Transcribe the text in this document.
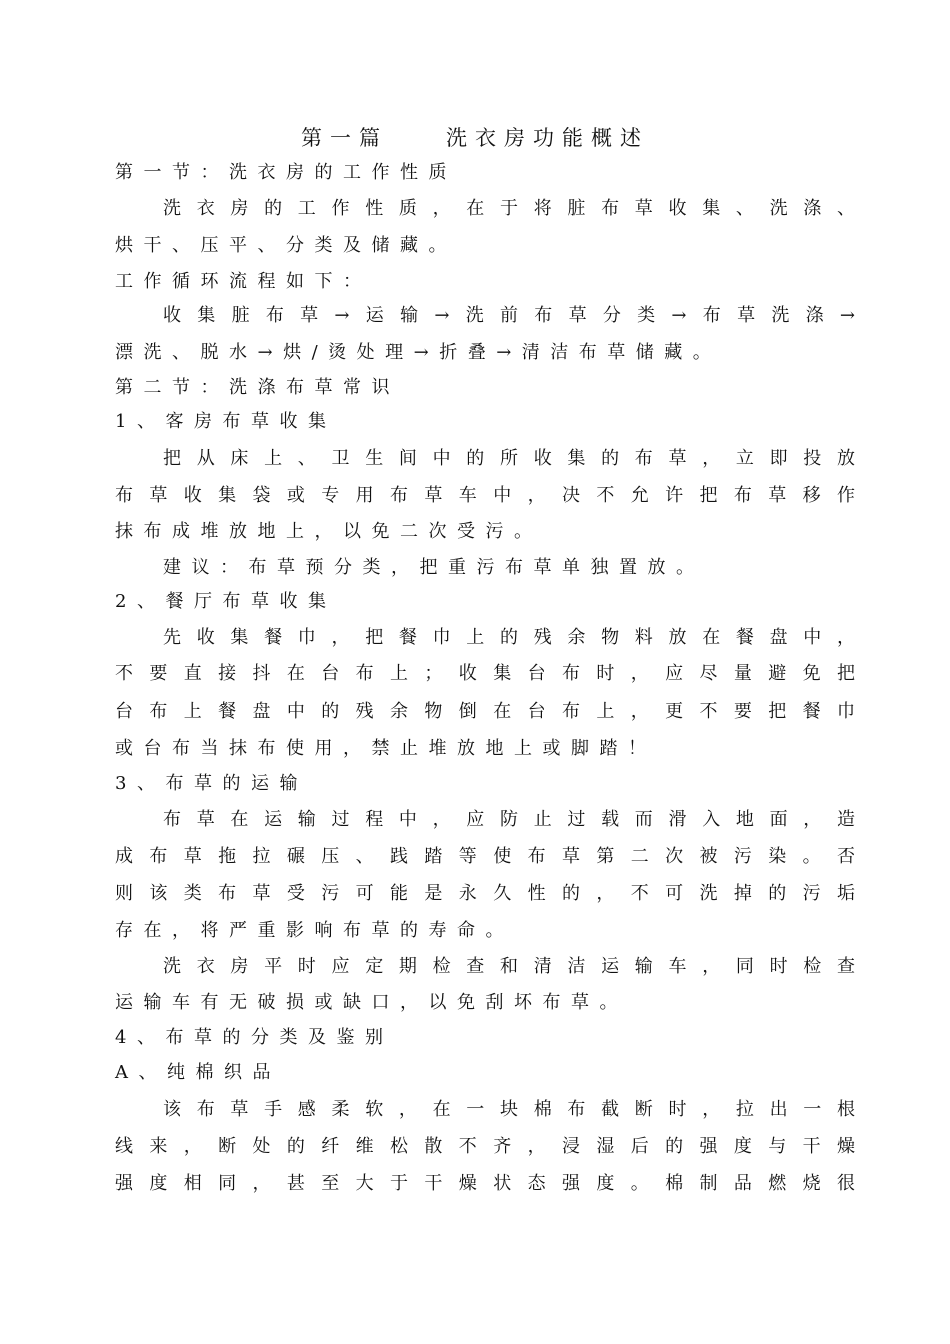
第一篇　　洗衣房功能概述
第一节：洗衣房的工作性质
洗衣房的工作性质，在于将脏布草收集、洗涤、
烘干、压平、分类及储藏。
工作循环流程如下：
收集脏布草→运输→洗前布草分类→布草洗涤→
漂洗、脱水→烘/烫处理→折叠→清洁布草储藏。
第二节：洗涤布草常识
1、客房布草收集
把从床上、卫生间中的所收集的布草，立即投放
布草收集袋或专用布草车中，决不允许把布草移作
抹布成堆放地上，以免二次受污。
建议：布草预分类，把重污布草单独置放。
2、餐厅布草收集
先收集餐巾，把餐巾上的残余物料放在餐盘中，
不要直接抖在台布上；收集台布时，应尽量避免把
台布上餐盘中的残余物倒在台布上，更不要把餐巾
或台布当抹布使用，禁止堆放地上或脚踏！
3、布草的运输
布草在运输过程中，应防止过载而滑入地面，造
成布草拖拉碾压、践踏等使布草第二次被污染。否
则该类布草受污可能是永久性的，不可洗掉的污垢
存在，将严重影响布草的寿命。
洗衣房平时应定期检查和清洁运输车，同时检查
运输车有无破损或缺口，以免刮坏布草。
4、布草的分类及鉴别
A、纯棉织品
该布草手感柔软，在一块棉布截断时，拉出一根
线来，断处的纤维松散不齐，浸湿后的强度与干燥
强度相同，甚至大于干燥状态强度。棉制品燃烧很
